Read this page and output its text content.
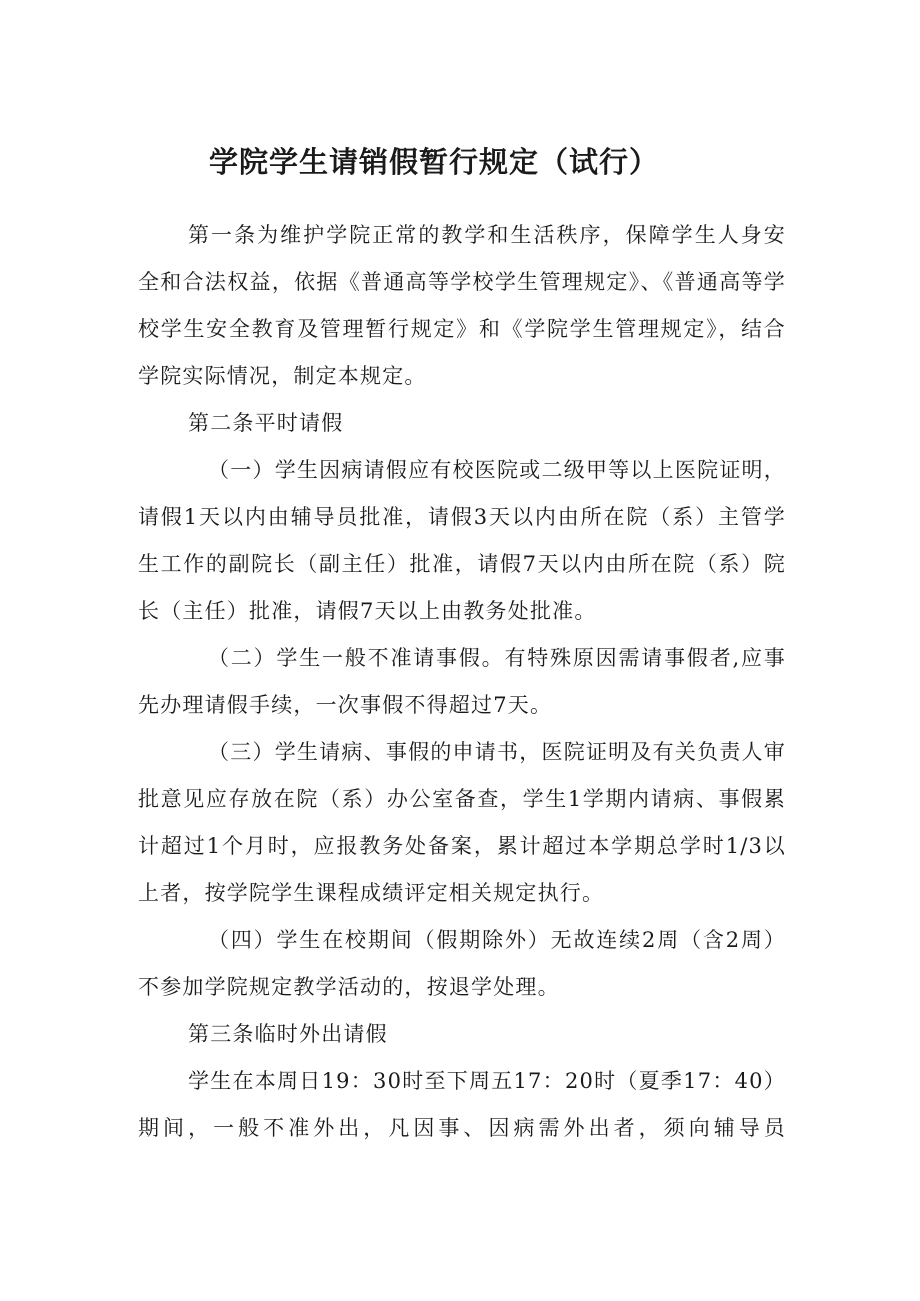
学院学生请销假暂行规定（试行）

第一条为维护学院正常的教学和生活秩序，保障学生人身安全和合法权益，依据《普通高等学校学生管理规定》、《普通高等学校学生安全教育及管理暂行规定》和《学院学生管理规定》，结合学院实际情况，制定本规定。

第二条平时请假

（一）学生因病请假应有校医院或二级甲等以上医院证明，请假1天以内由辅导员批准，请假3天以内由所在院（系）主管学生工作的副院长（副主任）批准，请假7天以内由所在院（系）院长（主任）批准，请假7天以上由教务处批准。

（二）学生一般不准请事假。有特殊原因需请事假者,应事先办理请假手续，一次事假不得超过7天。

（三）学生请病、事假的申请书，医院证明及有关负责人审批意见应存放在院（系）办公室备查，学生1学期内请病、事假累计超过1个月时，应报教务处备案，累计超过本学期总学时1/3以上者，按学院学生课程成绩评定相关规定执行。

（四）学生在校期间（假期除外）无故连续2周（含2周）不参加学院规定教学活动的，按退学处理。

第三条临时外出请假

学生在本周日19：30时至下周五17：20时（夏季17：40）期间，一般不准外出，凡因事、因病需外出者，须向辅导员
